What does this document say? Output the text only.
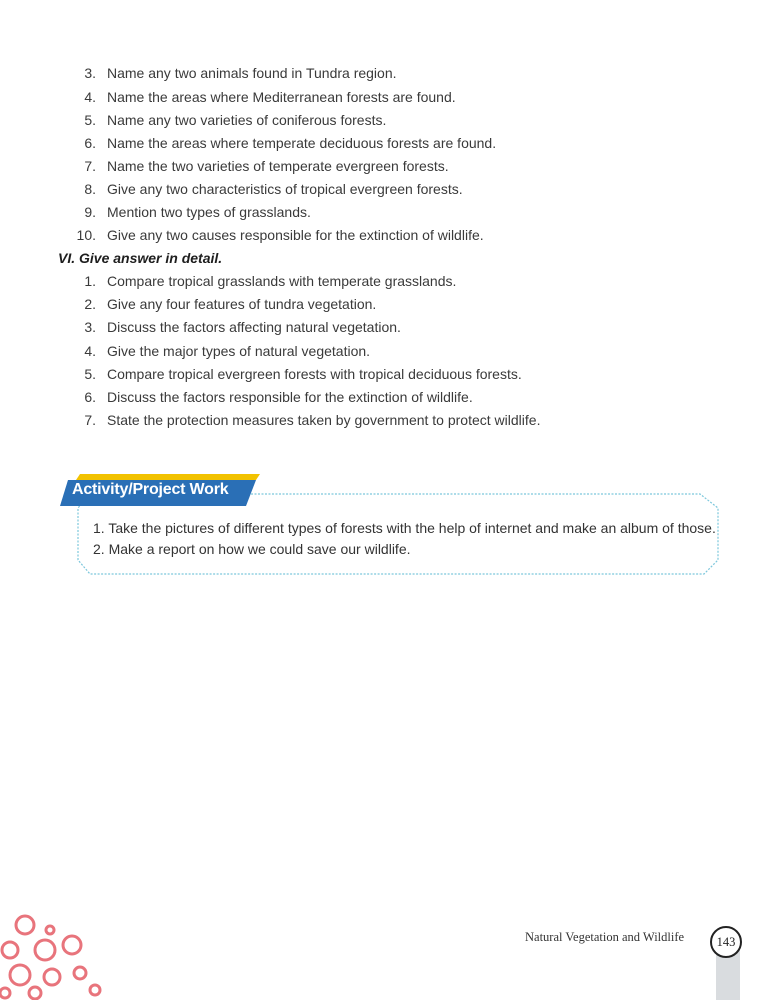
3. Name any two animals found in Tundra region.
4. Name the areas where Mediterranean forests are found.
5. Name any two varieties of coniferous forests.
6. Name the areas where temperate deciduous forests are found.
7. Name the two varieties of temperate evergreen forests.
8. Give any two characteristics of tropical evergreen forests.
9. Mention two types of grasslands.
10. Give any two causes responsible for the extinction of wildlife.
VI. Give answer in detail.
1. Compare tropical grasslands with temperate grasslands.
2. Give any four features of tundra vegetation.
3. Discuss the factors affecting natural vegetation.
4. Give the major types of natural vegetation.
5. Compare tropical evergreen forests with tropical deciduous forests.
6. Discuss the factors responsible for the extinction of wildlife.
7. State the protection measures taken by government to protect wildlife.
Activity/Project Work
1. Take the pictures of different types of forests with the help of internet and make an album of those.
2. Make a report on how we could save our wildlife.
Natural Vegetation and Wildlife	143
